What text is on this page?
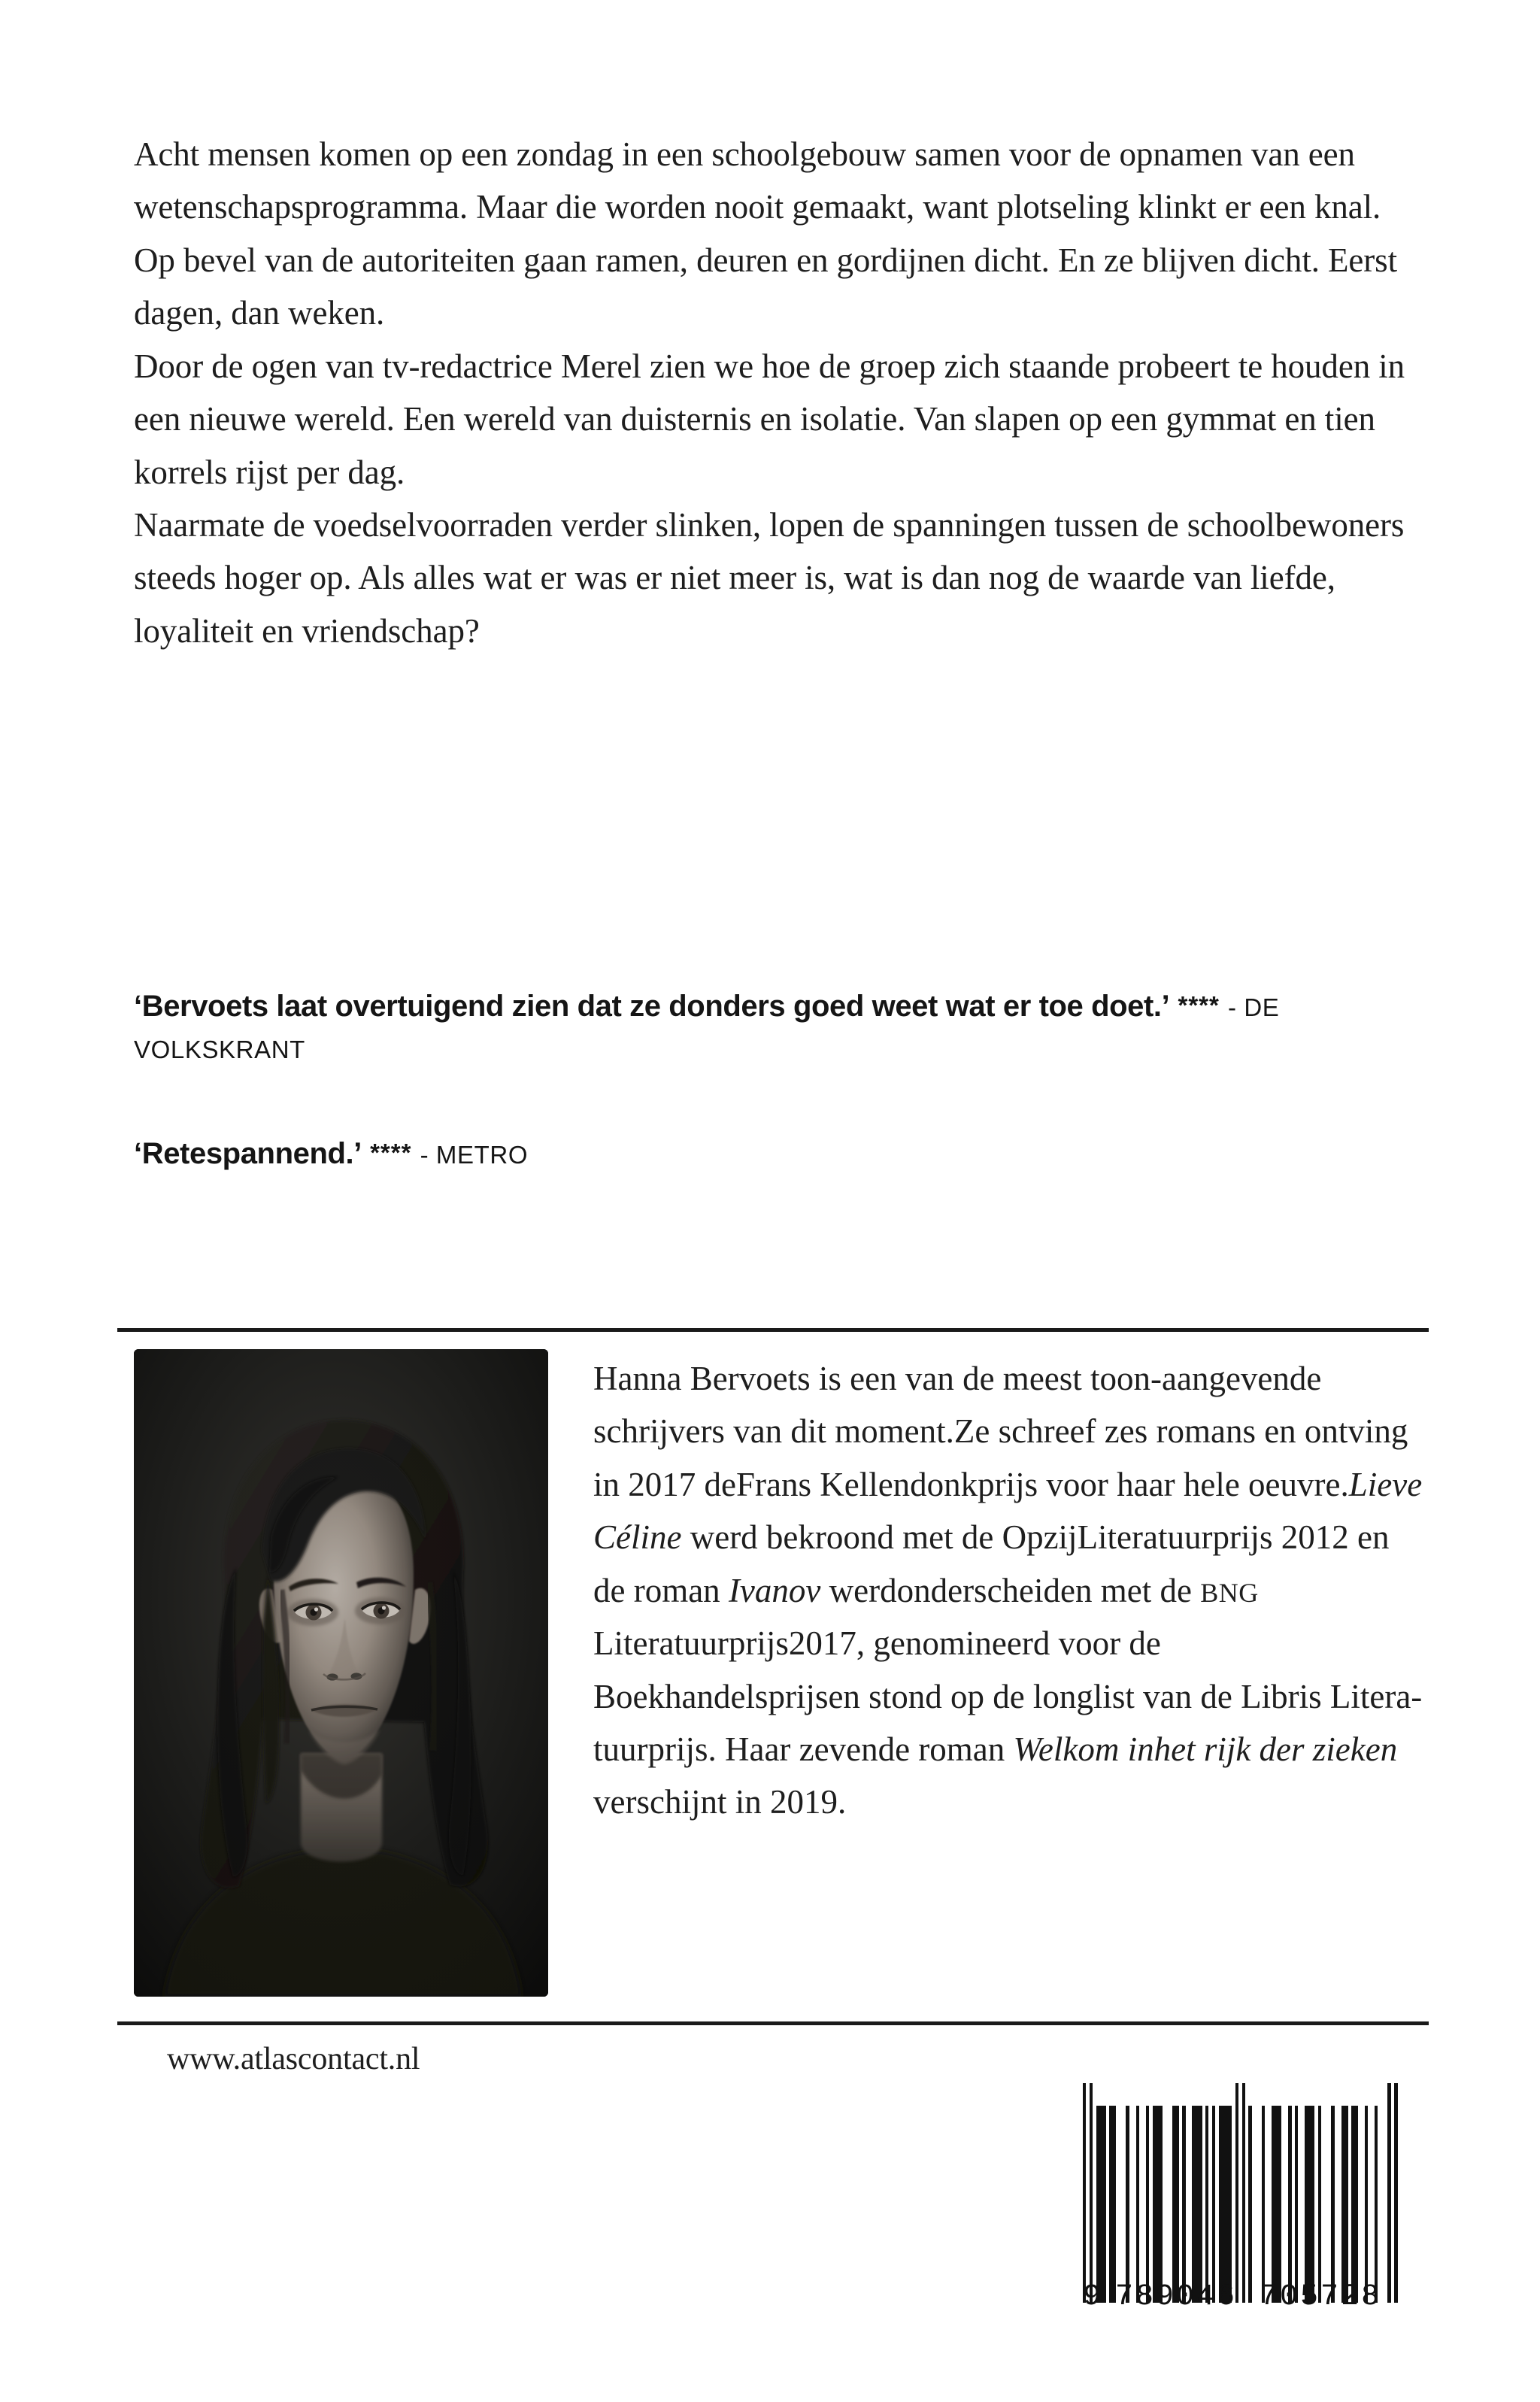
Acht mensen komen op een zondag in een schoolgebouw samen voor de opnamen van een wetenschapsprogramma. Maar die worden nooit gemaakt, want plotseling klinkt er een knal.

Op bevel van de autoriteiten gaan ramen, deuren en gordijnen dicht. En ze blijven dicht. Eerst dagen, dan weken.

Door de ogen van tv-redactrice Merel zien we hoe de groep zich staande probeert te houden in een nieuwe wereld. Een wereld van duisternis en isolatie. Van slapen op een gymmat en tien korrels rijst per dag.

Naarmate de voedselvoorraden verder slinken, lopen de spanningen tussen de schoolbewoners steeds hoger op. Als alles wat er was er niet meer is, wat is dan nog de waarde van liefde, loyaliteit en vriendschap?

‘Bervoets laat overtuigend zien dat ze donders goed weet wat er toe doet.’ **** - DE VOLKSKRANT
‘Retespannend.’ **** - METRO

Hanna Bervoets is een van de meest toon-aangevende schrijvers van dit moment.Ze schreef zes romans en ontving in 2017 deFrans Kellendonkprijs voor haar hele oeuvre.Lieve Céline werd bekroond met de OpzijLiteratuurprijs 2012 en de roman Ivanov werdonderscheiden met de BNG Literatuurprijs2017, genomineerd voor de Boekhandelsprijsen stond op de longlist van de Libris Litera-tuurprijs. Haar zevende roman Welkom inhet rijk der zieken verschijnt in 2019.

www.atlascontact.nl
9 789046 705728
